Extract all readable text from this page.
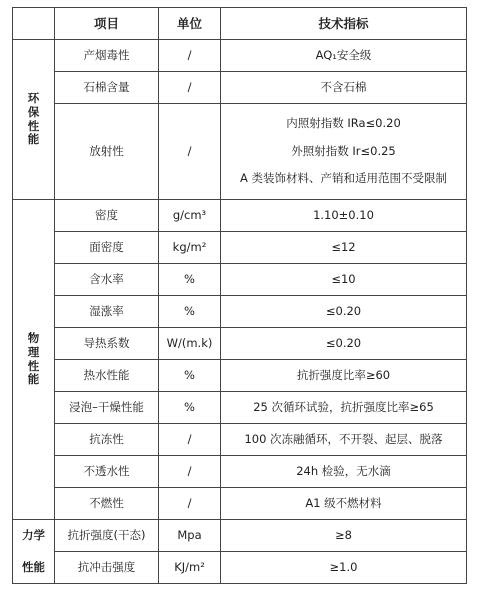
	项目	单位	技术指标

环
保
性
能	产烟毒性	/	AQ₁安全级
	石棉含量	/	不含石棉
	放射性	/	内照射指数 IRa≤0.20
外照射指数 Ir≤0.25
A 类装饰材料、产销和适用范围不受限制

物
理
性
能	密度	g/cm³	1.10±0.10
	面密度	kg/m²	≤12
	含水率	%	≤10
	湿涨率	%	≤0.20
	导热系数	W/(m.k)	≤0.20
	热水性能	%	抗折强度比率≥60
	浸泡–干燥性能	%	25 次循环试验，抗折强度比率≥65
	抗冻性	/	100 次冻融循环，不开裂、起层、脱落
	不透水性	/	24h 检验，无水滴
	不燃性	/	A1 级不燃材料

力学
性能	抗折强度(干态)	Mpa	≥8
	抗冲击强度	KJ/m²	≥1.0
